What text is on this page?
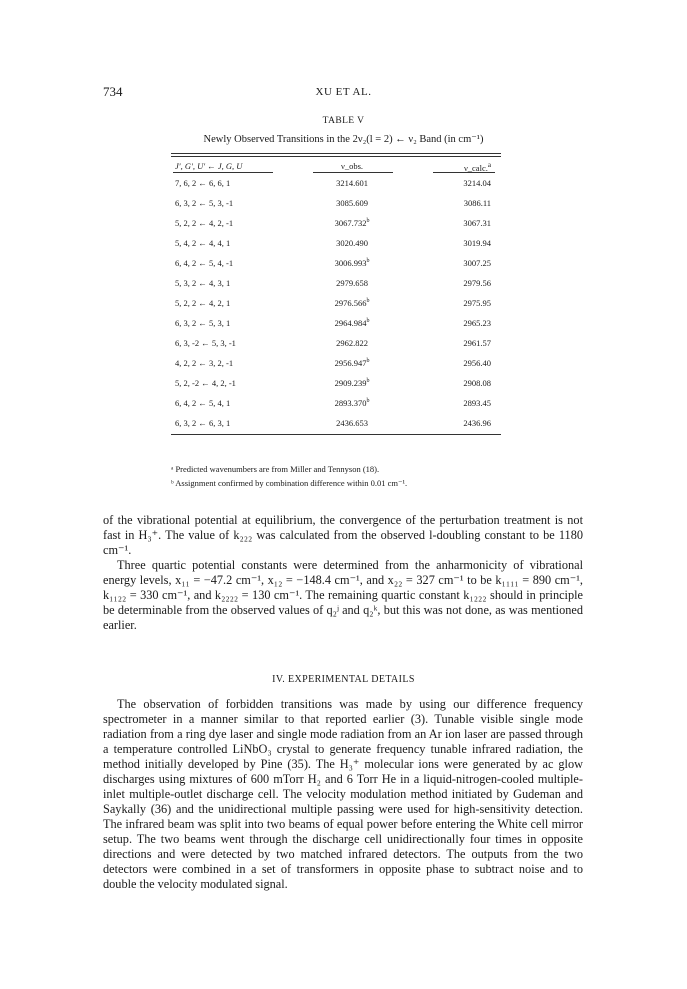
734	XU ET AL.
TABLE V
Newly Observed Transitions in the 2ν₂(l = 2) ← ν₂ Band (in cm⁻¹)
J′, G′, U′ ← J, G, U	ν_obs.	ν_calc.$^a$
7, 6, 2 ← 6, 6, 1	3214.601	3214.04
6, 3, 2 ← 5, 3, -1	3085.609	3086.11
5, 2, 2 ← 4, 2, -1	3067.732$^b$	3067.31
5, 4, 2 ← 4, 4, 1	3020.490	3019.94
6, 4, 2 ← 5, 4, -1	3006.993$^b$	3007.25
5, 3, 2 ← 4, 3, 1	2979.658	2979.56
5, 2, 2 ← 4, 2, 1	2976.566$^b$	2975.95
6, 3, 2 ← 5, 3, 1	2964.984$^b$	2965.23
6, 3, -2 ← 5, 3, -1	2962.822	2961.57
4, 2, 2 ← 3, 2, -1	2956.947$^b$	2956.40
5, 2, -2 ← 4, 2, -1	2909.239$^b$	2908.08
6, 4, 2 ← 5, 4, 1	2893.370$^b$	2893.45
6, 3, 2 ← 6, 3, 1	2436.653	2436.96
ᵃ Predicted wavenumbers are from Miller and Tennyson (18).
ᵇ Assignment confirmed by combination difference within 0.01 cm⁻¹.

of the vibrational potential at equilibrium, the convergence of the perturbation treatment is not fast in H₃⁺. The value of k₂₂₂ was calculated from the observed l-doubling constant to be 1180 cm⁻¹.

Three quartic potential constants were determined from the anharmonicity of vibrational energy levels, x₁₁ = −47.2 cm⁻¹, x₁₂ = −148.4 cm⁻¹, and x₂₂ = 327 cm⁻¹ to be k₁₁₁₁ = 890 cm⁻¹, k₁₁₂₂ = 330 cm⁻¹, and k₂₂₂₂ = 130 cm⁻¹. The remaining quartic constant k₁₂₂₂ should in principle be determinable from the observed values of q₂ʲ and q₂ᵏ, but this was not done, as was mentioned earlier.

IV. EXPERIMENTAL DETAILS

The observation of forbidden transitions was made by using our difference frequency spectrometer in a manner similar to that reported earlier (3). Tunable visible single mode radiation from a ring dye laser and single mode radiation from an Ar ion laser are passed through a temperature controlled LiNbO₃ crystal to generate frequency tunable infrared radiation, the method initially developed by Pine (35). The H₃⁺ molecular ions were generated by ac glow discharges using mixtures of 600 mTorr H₂ and 6 Torr He in a liquid-nitrogen-cooled multiple-inlet multiple-outlet discharge cell. The velocity modulation method initiated by Gudeman and Saykally (36) and the unidirectional multiple passing were used for high-sensitivity detection. The infrared beam was split into two beams of equal power before entering the White cell mirror setup. The two beams went through the discharge cell unidirectionally four times in opposite directions and were detected by two matched infrared detectors. The outputs from the two detectors were combined in a set of transformers in opposite phase to subtract noise and to double the velocity modulated signal.
